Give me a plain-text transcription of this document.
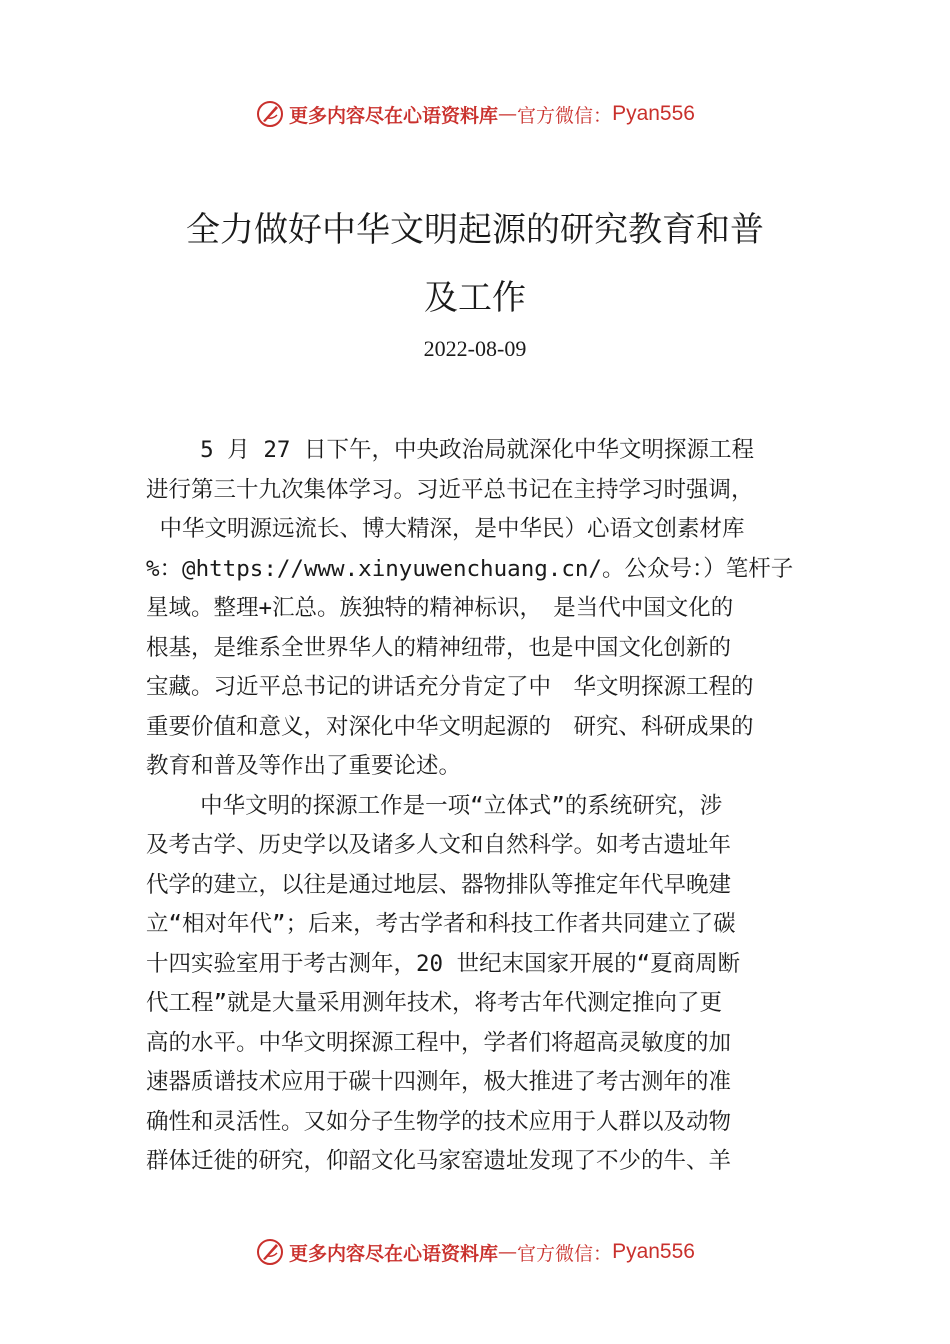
更多内容尽在心语资料库 — 官方微信： Pyan556
全力做好中华文明起源的研究教育和普
及工作
2022-08-09
5 月 27 日下午，中央政治局就深化中华文明探源工程
进行第三十九次集体学习。习近平总书记在主持学习时强调，
中华文明源远流长、博大精深，是中华民）心语文创素材库
%：@https://www.xinyuwenchuang.cn/。公众号：）笔杆子
星域。整理+汇总。族独特的精神标识，　是当代中国文化的
根基，是维系全世界华人的精神纽带，也是中国文化创新的
宝藏。习近平总书记的讲话充分肯定了中　华文明探源工程的
重要价值和意义，对深化中华文明起源的　研究、科研成果的
教育和普及等作出了重要论述。
中华文明的探源工作是一项“立体式”的系统研究，涉
及考古学、历史学以及诸多人文和自然科学。如考古遗址年
代学的建立，以往是通过地层、器物排队等推定年代早晚建
立“相对年代”；后来，考古学者和科技工作者共同建立了碳
十四实验室用于考古测年，20 世纪末国家开展的“夏商周断
代工程”就是大量采用测年技术，将考古年代测定推向了更
高的水平。中华文明探源工程中，学者们将超高灵敏度的加
速器质谱技术应用于碳十四测年，极大推进了考古测年的准
确性和灵活性。又如分子生物学的技术应用于人群以及动物
群体迁徙的研究，仰韶文化马家窑遗址发现了不少的牛、羊
更多内容尽在心语资料库 — 官方微信： Pyan556
